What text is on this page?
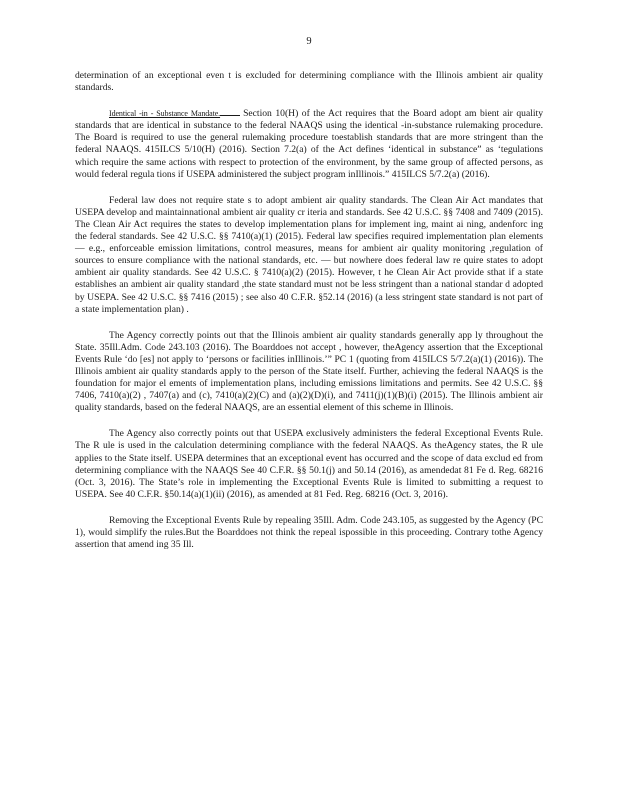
9

determination of an exceptional even t is excluded for determining compliance with the Illinois ambient air quality standards.

Identical -in - Substance Mandate. Section 10(H) of the Act requires that the Board adopt am bient air quality standards that are identical in substance to the federal NAAQS using the identical -in-substance rulemaking procedure. The Board is required to use the general rulemaking procedure toestablish standards that are more stringent than the federal NAAQS. 415ILCS 5/10(H) (2016). Section 7.2(a) of the Act defines ‘identical in substance” as ‘tegulations which require the same actions with respect to protection of the environment, by the same group of affected persons, as would federal regula tions if USEPA administered the subject program inIllinois.” 415ILCS 5/7.2(a) (2016).

Federal law does not require state s to adopt ambient air quality standards. The Clean Air Act mandates that USEPA develop and maintainnational ambient air quality cr iteria and standards. See 42 U.S.C. §§ 7408 and 7409 (2015). The Clean Air Act requires the states to develop implementation plans for implement ing, maint ai ning, andenforc ing the federal standards. See 42 U.S.C. §§ 7410(a)(1) (2015). Federal law specifies required implementation plan elements — e.g., enforceable emission limitations, control measures, means for ambient air quality monitoring ,regulation of sources to ensure compliance with the national standards, etc. — but nowhere does federal law re quire states to adopt ambient air quality standards. See 42 U.S.C. § 7410(a)(2) (2015). However, t he Clean Air Act provide sthat if a state establishes an ambient air quality standard ,the state standard must not be less stringent than a national standar d adopted by USEPA. See 42 U.S.C. §§ 7416 (2015) ; see also 40 C.F.R. §52.14 (2016) (a less stringent state standard is not part of a state implementation plan) .

The Agency correctly points out that the Illinois ambient air quality standards generally app ly throughout the State. 35Ill.Adm. Code 243.103 (2016). The Boarddoes not accept , however, theAgency assertion that the Exceptional Events Rule ‘do [es] not apply to ‘persons or facilities inIllinois.’” PC 1 (quoting from 415ILCS 5/7.2(a)(1) (2016)). The Illinois ambient air quality standards apply to the person of the State itself. Further, achieving the federal NAAQS is the foundation for major el ements of implementation plans, including emissions limitations and permits. See 42 U.S.C. §§ 7406, 7410(a)(2) , 7407(a) and (c), 7410(a)(2)(C) and (a)(2)(D)(i), and 7411(j)(1)(B)(i) (2015). The Illinois ambient air quality standards, based on the federal NAAQS, are an essential element of this scheme in Illinois.

The Agency also correctly points out that USEPA exclusively administers the federal Exceptional Events Rule. The R ule is used in the calculation determining compliance with the federal NAAQS. As theAgency states, the R ule applies to the State itself. USEPA determines that an exceptional event has occurred and the scope of data exclud ed from determining compliance with the NAAQS See 40 C.F.R. §§ 50.1(j) and 50.14 (2016), as amendedat 81 Fe d. Reg. 68216 (Oct. 3, 2016). The State’s role in implementing the Exceptional Events Rule is limited to submitting a request to USEPA. See 40 C.F.R. §50.14(a)(1)(ii) (2016), as amended at 81 Fed. Reg. 68216 (Oct. 3, 2016).

Removing the Exceptional Events Rule by repealing 35Ill. Adm. Code 243.105, as suggested by the Agency (PC 1), would simplify the rules.But the Boarddoes not think the repeal ispossible in this proceeding. Contrary tothe Agency assertion that amend ing 35 Ill.
